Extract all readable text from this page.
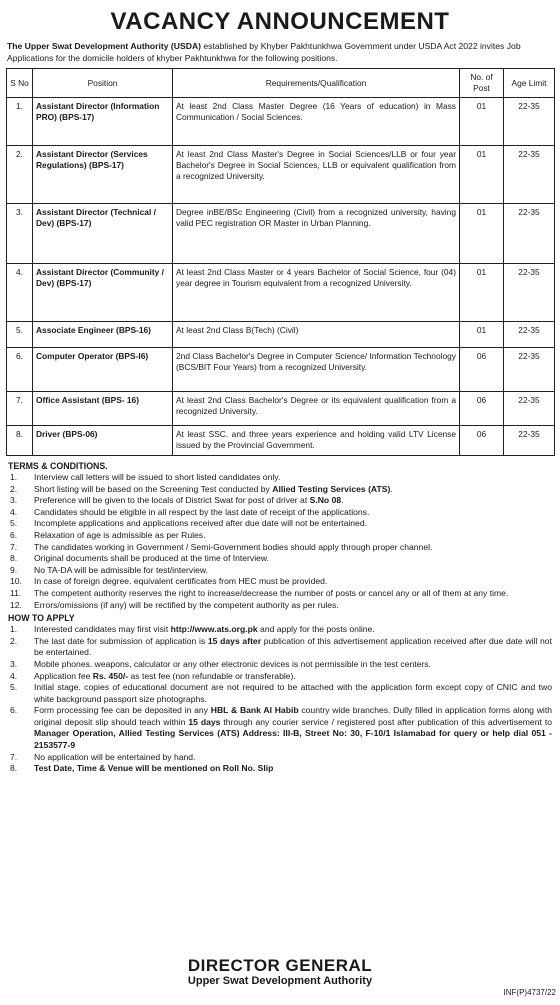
VACANCY ANNOUNCEMENT
The Upper Swat Development Authority (USDA) established by Khyber Pakhtunkhwa Government under USDA Act 2022 invites Job Applications for the domicile holders of khyber Pakhtunkhwa for the following positions.
S No	Position	Requirements/Qualification	No. of Post	Age Limit
1.	Assistant Director (Information PRO) (BPS-17)	At least 2nd Class Master Degree (16 Years of education) in Mass Communication / Social Sciences.	01	22-35
2.	Assistant Director (Services Regulations) (BPS-17)	At least 2nd Class Master's Degree in Social Sciences/LLB or four year Bachelor's Degree in Social Sciences, LLB or equivalent qualification from a recognized University.	01	22-35
3.	Assistant Director (Technical / Dev) (BPS-17)	Degree inBE/BSc Engineering (Civil) from a recognized university, having valid PEC registration OR Master in Urban Planning.	01	22-35
4.	Assistant Director (Community / Dev) (BPS-17)	At least 2nd Class Master or 4 years Bachelor of Social Science, four (04) year degree in Tourism equivalent from a recognized University.	01	22-35
5.	Associate Engineer (BPS-16)	At least 2nd Class B(Tech) (Civil)	01	22-35
6.	Computer Operator (BPS-I6)	2nd Class Bachelor's Degree in Computer Science/ Information Technology (BCS/BIT Four Years) from a recognized University.	06	22-35
7.	Office Assistant (BPS- 16)	At least 2nd Class Bachelor's Degree or its equivalent qualification from a recognized University.	06	22-35
8.	Driver (BPS-06)	At least SSC. and three years experience and holding valid LTV License issued by the Provincial Government.	06	22-35
TERMS & CONDITIONS.
1. Interview call letters will be issued to short listed candidates only.
2. Short listing will be based on the Screening Test conducted by Allied Testing Services (ATS).
3. Preference will be given to the locals of District Swat for post of driver at S.No 08.
4. Candidates should be eligible in all respect by the last date of receipt of the applications.
5. Incomplete applications and applications received after due date will not be entertained.
6. Relaxation of age is admissible as per Rules.
7. The candidates working in Government / Semi-Government bodies should apply through proper channel.
8. Original documents shall be produced at the time of Interview.
9. No TA-DA will be admissible for test/interview.
10. In case of foreign degree. equivalent certificates from HEC must be provided.
11. The competent authority reserves the right to increase/decrease the number of posts or cancel any or all of them at any time.
12. Errors/omissions (if any) will be rectified by the competent authority as per rules.
HOW TO APPLY
1. Interested candidates may first visit http://www.ats.org.pk and apply for the posts online.
2. The last date for submission of application is 15 days after publication of this advertisement application received after due date will not be entertained.
3. Mobile phones. weapons, calculator or any other electronic devices is not permissible in the test centers.
4. Application fee Rs. 450/- as test fee (non refundable or transferable).
5. Initial stage. copies of educational document are not required to be attached with the application form except copy of CNIC and two white background passport size photographs.
6. Form processing fee can be deposited in any HBL & Bank Al Habib country wide branches. Dully filled in application forms along with original deposit slip should teach within 15 days through any courier service / registered post after publication of this advertisement to Manager Operation, Allied Testing Services (ATS) Address: III-B, Street No: 30, F-10/1 Islamabad for query or help dial 051 - 2153577-9
7. No application will be entertained by hand.
8. Test Date, Time & Venue will be mentioned on Roll No. Slip
DIRECTOR GENERAL
Upper Swat Development Authority
INF(P)4737/22
